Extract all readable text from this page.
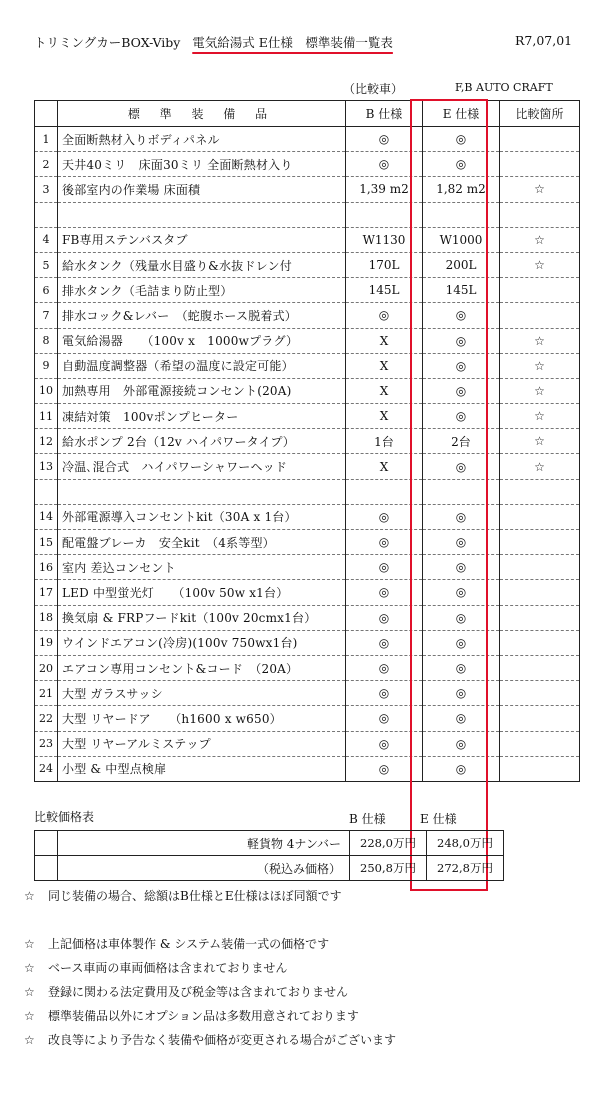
トリミングカーBOX-Viby 電気給湯式 E仕様　標準装備一覧表	R7,07,01
（比較車）	F,B AUTO CRAFT
	標 準 装 備 品	B 仕様	E 仕様	比較箇所
1	全面断熱材入りボディパネル	◎	◎	
2	天井40ミリ　床面30ミリ 全面断熱材入り	◎	◎	
3	後部室内の作業場 床面積	1,39 m2	1,82 m2	☆

4	FB専用ステンバスタブ	W1130	W1000	☆
5	給水タンク（残量水目盛り&水抜ドレン付	170L	200L	☆
6	排水タンク（毛詰まり防止型）	145L	145L	
7	排水コック&レバー　（蛇腹ホース脱着式）	◎	◎	
8	電気給湯器　　（100v x　1000wプラグ）	X	◎	☆
9	自動温度調整器（希望の温度に設定可能）	X	◎	☆
10	加熱専用　外部電源接続コンセント(20A)	X	◎	☆
11	凍結対策　100vポンプヒーター	X	◎	☆
12	給水ポンプ 2台（12v ハイパワータイプ）	1台	2台	☆
13	冷温､混合式　ハイパワーシャワーヘッド	X	◎	☆

14	外部電源導入コンセントkit（30A x 1台）	◎	◎	
15	配電盤ブレーカ　安全kit　（4系等型）	◎	◎	
16	室内 差込コンセント	◎	◎	
17	LED 中型蛍光灯　　（100v 50w x1台）	◎	◎	
18	換気扇 & FRPフードkit（100v 20cmx1台）	◎	◎	
19	ウインドエアコン(冷房)(100v 750wx1台)	◎	◎	
20	エアコン専用コンセント&コード　（20A）	◎	◎	
21	大型 ガラスサッシ	◎	◎	
22	大型 リヤードア　　（h1600 x w650）	◎	◎	
23	大型 リヤーアルミステップ	◎	◎	
24	小型 & 中型点検扉	◎	◎	
比較価格表	B 仕様	E 仕様
	軽貨物 4ナンバー	228,0万円	248,0万円	
	（税込み価格）	250,8万円	272,8万円	
☆ 同じ装備の場合、総額はB仕様とE仕様はほぼ同額です
☆ 上記価格は車体製作 & システム装備一式の価格です
☆ ベース車両の車両価格は含まれておりません
☆ 登録に関わる法定費用及び税金等は含まれておりません
☆ 標準装備品以外にオプション品は多数用意されております
☆ 改良等により予告なく装備や価格が変更される場合がございます
